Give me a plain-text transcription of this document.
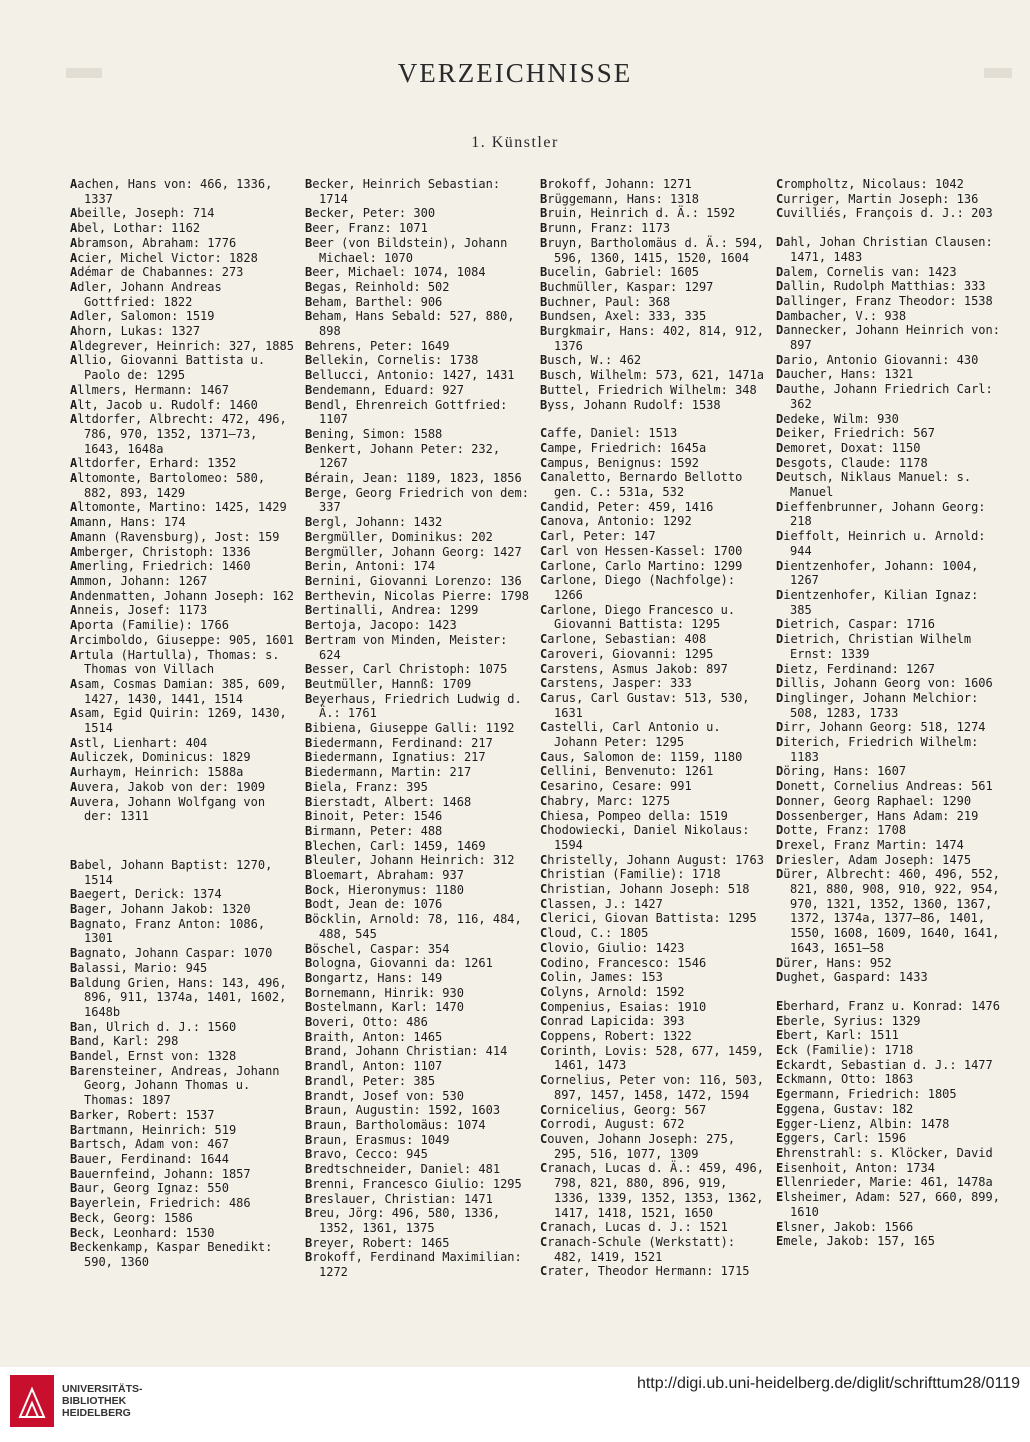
VERZEICHNISSE
1. Künstler
Aachen, Hans von: 466, 1336, 1337
Abeille, Joseph: 714
Abel, Lothar: 1162
Abramson, Abraham: 1776
Acier, Michel Victor: 1828
Adémar de Chabannes: 273
Adler, Johann Andreas Gottfried: 1822
Adler, Salomon: 1519
Ahorn, Lukas: 1327
Aldegrever, Heinrich: 327, 1885
Allio, Giovanni Battista u. Paolo de: 1295
Allmers, Hermann: 1467
Alt, Jacob u. Rudolf: 1460
Altdorfer, Albrecht: 472, 496, 786, 970, 1352, 1371—73, 1643, 1648a
Altdorfer, Erhard: 1352
Altomonte, Bartolomeo: 580, 882, 893, 1429
Altomonte, Martino: 1425, 1429
Amann, Hans: 174
Amann (Ravensburg), Jost: 159
Amberger, Christoph: 1336
Amerling, Friedrich: 1460
Ammon, Johann: 1267
Andenmatten, Johann Joseph: 162
Anneis, Josef: 1173
Aporta (Familie): 1766
Arcimboldo, Giuseppe: 905, 1601
Artula (Hartulla), Thomas: s. Thomas von Villach
Asam, Cosmas Damian: 385, 609, 1427, 1430, 1441, 1514
Asam, Egid Quirin: 1269, 1430, 1514
Astl, Lienhart: 404
Auliczek, Dominicus: 1829
Aurhaym, Heinrich: 1588a
Auvera, Jakob von der: 1909
Auvera, Johann Wolfgang von der: 1311
Babel, Johann Baptist: 1270, 1514
Baegert, Derick: 1374
Bager, Johann Jakob: 1320
Bagnato, Franz Anton: 1086, 1301
Bagnato, Johann Caspar: 1070
Balassi, Mario: 945
Baldung Grien, Hans: 143, 496, 896, 911, 1374a, 1401, 1602, 1648b
Ban, Ulrich d. J.: 1560
Band, Karl: 298
Bandel, Ernst von: 1328
Barensteiner, Andreas, Johann Georg, Johann Thomas u. Thomas: 1897
Barker, Robert: 1537
Bartmann, Heinrich: 519
Bartsch, Adam von: 467
Bauer, Ferdinand: 1644
Bauernfeind, Johann: 1857
Baur, Georg Ignaz: 550
Bayerlein, Friedrich: 486
Beck, Georg: 1586
Beck, Leonhard: 1530
Beckenkamp, Kaspar Benedikt: 590, 1360
Becker, Heinrich Sebastian: 1714
Becker, Peter: 300
Beer, Franz: 1071
Beer (von Bildstein), Johann Michael: 1070
Beer, Michael: 1074, 1084
Begas, Reinhold: 502
Beham, Barthel: 906
Beham, Hans Sebald: 527, 880, 898
Behrens, Peter: 1649
Bellekin, Cornelis: 1738
Bellucci, Antonio: 1427, 1431
Bendemann, Eduard: 927
Bendl, Ehrenreich Gottfried: 1107
Bening, Simon: 1588
Benkert, Johann Peter: 232, 1267
Bérain, Jean: 1189, 1823, 1856
Berge, Georg Friedrich von dem: 337
Bergl, Johann: 1432
Bergmüller, Dominikus: 202
Bergmüller, Johann Georg: 1427
Berin, Antoni: 174
Bernini, Giovanni Lorenzo: 136
Berthevin, Nicolas Pierre: 1798
Bertinalli, Andrea: 1299
Bertoja, Jacopo: 1423
Bertram von Minden, Meister: 624
Besser, Carl Christoph: 1075
Beutmüller, Hannß: 1709
Beyerhaus, Friedrich Ludwig d. Ä.: 1761
Bibiena, Giuseppe Galli: 1192
Biedermann, Ferdinand: 217
Biedermann, Ignatius: 217
Biedermann, Martin: 217
Biela, Franz: 395
Bierstadt, Albert: 1468
Binoit, Peter: 1546
Birmann, Peter: 488
Blechen, Carl: 1459, 1469
Bleuler, Johann Heinrich: 312
Bloemart, Abraham: 937
Bock, Hieronymus: 1180
Bodt, Jean de: 1076
Böcklin, Arnold: 78, 116, 484, 488, 545
Böschel, Caspar: 354
Bologna, Giovanni da: 1261
Bongartz, Hans: 149
Bornemann, Hinrik: 930
Bostelmann, Karl: 1470
Boveri, Otto: 486
Braith, Anton: 1465
Brand, Johann Christian: 414
Brandl, Anton: 1107
Brandl, Peter: 385
Brandt, Josef von: 530
Braun, Augustin: 1592, 1603
Braun, Bartholomäus: 1074
Braun, Erasmus: 1049
Bravo, Cecco: 945
Bredtschneider, Daniel: 481
Brenni, Francesco Giulio: 1295
Breslauer, Christian: 1471
Breu, Jörg: 496, 580, 1336, 1352, 1361, 1375
Breyer, Robert: 1465
Brokoff, Ferdinand Maximilian: 1272
Brokoff, Johann: 1271
Brüggemann, Hans: 1318
Bruin, Heinrich d. Ä.: 1592
Brunn, Franz: 1173
Bruyn, Bartholomäus d. Ä.: 594, 596, 1360, 1415, 1520, 1604
Bucelin, Gabriel: 1605
Buchmüller, Kaspar: 1297
Buchner, Paul: 368
Bundsen, Axel: 333, 335
Burgkmair, Hans: 402, 814, 912, 1376
Busch, W.: 462
Busch, Wilhelm: 573, 621, 1471a
Buttel, Friedrich Wilhelm: 348
Byss, Johann Rudolf: 1538
Caffe, Daniel: 1513
Campe, Friedrich: 1645a
Campus, Benignus: 1592
Canaletto, Bernardo Bellotto gen. C.: 531a, 532
Candid, Peter: 459, 1416
Canova, Antonio: 1292
Carl, Peter: 147
Carl von Hessen-Kassel: 1700
Carlone, Carlo Martino: 1299
Carlone, Diego (Nachfolge): 1266
Carlone, Diego Francesco u. Giovanni Battista: 1295
Carlone, Sebastian: 408
Caroveri, Giovanni: 1295
Carstens, Asmus Jakob: 897
Carstens, Jasper: 333
Carus, Carl Gustav: 513, 530, 1631
Castelli, Carl Antonio u. Johann Peter: 1295
Caus, Salomon de: 1159, 1180
Cellini, Benvenuto: 1261
Cesarino, Cesare: 991
Chabry, Marc: 1275
Chiesa, Pompeo della: 1519
Chodowiecki, Daniel Nikolaus: 1594
Christelly, Johann August: 1763
Christian (Familie): 1718
Christian, Johann Joseph: 518
Classen, J.: 1427
Clerici, Giovan Battista: 1295
Cloud, C.: 1805
Clovio, Giulio: 1423
Codino, Francesco: 1546
Colin, James: 153
Colyns, Arnold: 1592
Compenius, Esaias: 1910
Conrad Lapicida: 393
Coppens, Robert: 1322
Corinth, Lovis: 528, 677, 1459, 1461, 1473
Cornelius, Peter von: 116, 503, 897, 1457, 1458, 1472, 1594
Cornicelius, Georg: 567
Corrodi, August: 672
Couven, Johann Joseph: 275, 295, 516, 1077, 1309
Cranach, Lucas d. Ä.: 459, 496, 798, 821, 880, 896, 919, 1336, 1339, 1352, 1353, 1362, 1417, 1418, 1521, 1650
Cranach, Lucas d. J.: 1521
Cranach-Schule (Werkstatt): 482, 1419, 1521
Crater, Theodor Hermann: 1715
Crompholtz, Nicolaus: 1042
Curriger, Martin Joseph: 136
Cuvilliés, François d. J.: 203
Dahl, Johan Christian Clausen: 1471, 1483
Dalem, Cornelis van: 1423
Dallin, Rudolph Matthias: 333
Dallinger, Franz Theodor: 1538
Dambacher, V.: 938
Dannecker, Johann Heinrich von: 897
Dario, Antonio Giovanni: 430
Daucher, Hans: 1321
Dauthe, Johann Friedrich Carl: 362
Dedeke, Wilm: 930
Deiker, Friedrich: 567
Demoret, Doxat: 1150
Desgots, Claude: 1178
Deutsch, Niklaus Manuel: s. Manuel
Dieffenbrunner, Johann Georg: 218
Dieffolt, Heinrich u. Arnold: 944
Dientzenhofer, Johann: 1004, 1267
Dientzenhofer, Kilian Ignaz: 385
Dietrich, Caspar: 1716
Dietrich, Christian Wilhelm Ernst: 1339
Dietz, Ferdinand: 1267
Dillis, Johann Georg von: 1606
Dinglinger, Johann Melchior: 508, 1283, 1733
Dirr, Johann Georg: 518, 1274
Diterich, Friedrich Wilhelm: 1183
Döring, Hans: 1607
Donett, Cornelius Andreas: 561
Donner, Georg Raphael: 1290
Dossenberger, Hans Adam: 219
Dotte, Franz: 1708
Drexel, Franz Martin: 1474
Driesler, Adam Joseph: 1475
Dürer, Albrecht: 460, 496, 552, 821, 880, 908, 910, 922, 954, 970, 1321, 1352, 1360, 1367, 1372, 1374a, 1377—86, 1401, 1550, 1608, 1609, 1640, 1641, 1643, 1651—58
Dürer, Hans: 952
Dughet, Gaspard: 1433
Eberhard, Franz u. Konrad: 1476
Eberle, Syrius: 1329
Ebert, Karl: 1511
Eck (Familie): 1718
Eckardt, Sebastian d. J.: 1477
Eckmann, Otto: 1863
Egermann, Friedrich: 1805
Eggena, Gustav: 182
Egger-Lienz, Albin: 1478
Eggers, Carl: 1596
Ehrenstrahl: s. Klöcker, David
Eisenhoit, Anton: 1734
Ellenrieder, Marie: 461, 1478a
Elsheimer, Adam: 527, 660, 899, 1610
Elsner, Jakob: 1566
Emele, Jakob: 157, 165
UNIVERSITÄTS-
BIBLIOTHEK
HEIDELBERG
http://digi.ub.uni-heidelberg.de/diglit/schrifttum28/0119
